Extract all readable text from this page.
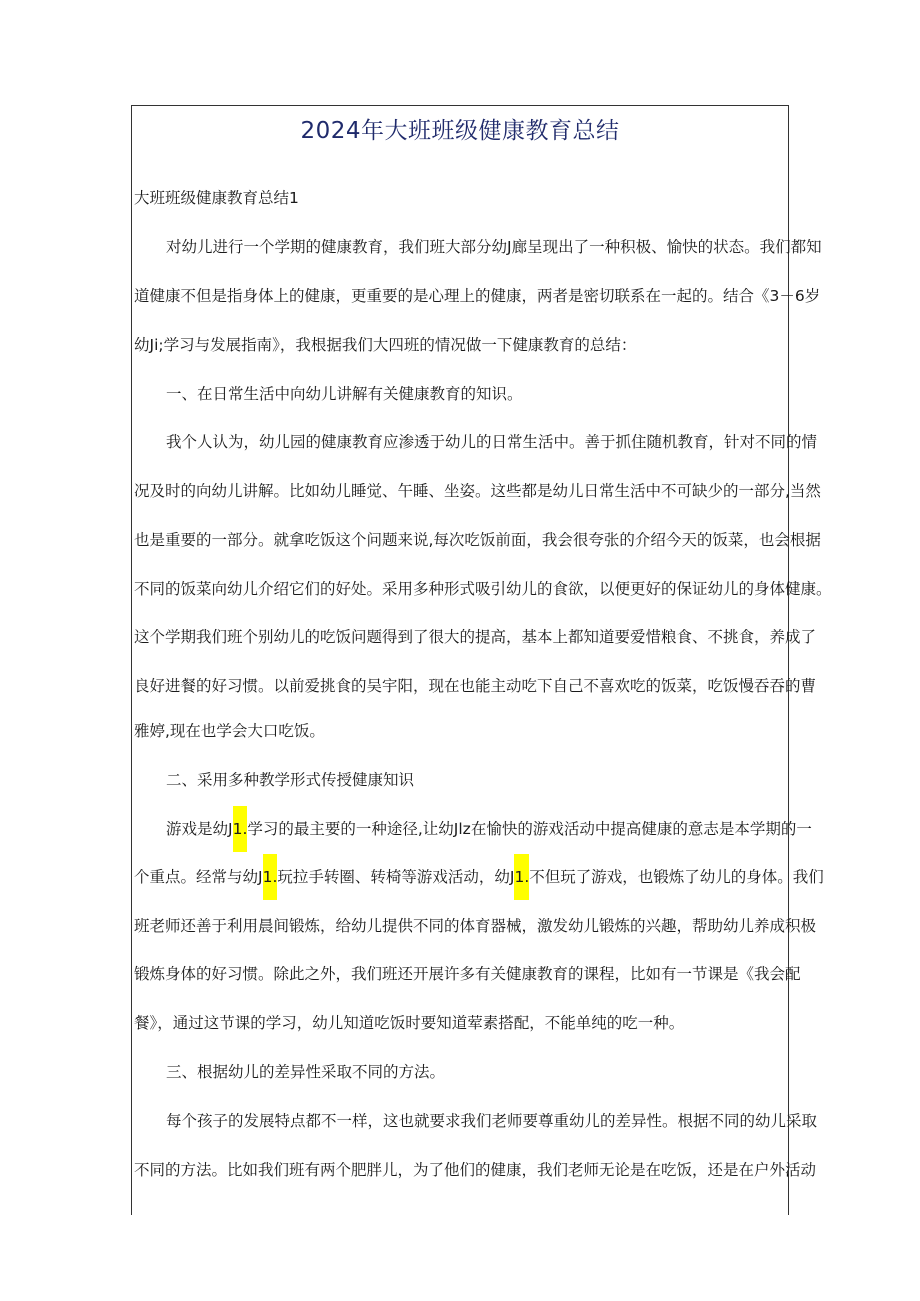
2024年大班班级健康教育总结
大班班级健康教育总结1
对幼儿进行一个学期的健康教育，我们班大部分幼J廊呈现出了一种积极、愉快的状态。我们都知
道健康不但是指身体上的健康，更重要的是心理上的健康，两者是密切联系在一起的。结合《3－6岁
幼Ji;学习与发展指南》，我根据我们大四班的情况做一下健康教育的总结：
一、在日常生活中向幼儿讲解有关健康教育的知识。
我个人认为，幼儿园的健康教育应渗透于幼儿的日常生活中。善于抓住随机教育，针对不同的情
况及时的向幼儿讲解。比如幼儿睡觉、午睡、坐姿。这些都是幼儿日常生活中不可缺少的一部分,当然
也是重要的一部分。就拿吃饭这个问题来说,每次吃饭前面，我会很夸张的介绍今天的饭菜，也会根据
不同的饭菜向幼儿介绍它们的好处。采用多种形式吸引幼儿的食欲，以便更好的保证幼儿的身体健康。
这个学期我们班个别幼儿的吃饭问题得到了很大的提高，基本上都知道要爱惜粮食、不挑食，养成了
良好进餐的好习惯。以前爱挑食的吴宇阳，现在也能主动吃下自己不喜欢吃的饭菜，吃饭慢吞吞的曹
雅婷,现在也学会大口吃饭。
二、采用多种教学形式传授健康知识
游戏是幼J1.学习的最主要的一种途径,让幼Jlz在愉快的游戏活动中提高健康的意志是本学期的一
个重点。经常与幼J1.玩拉手转圈、转椅等游戏活动，幼J1.不但玩了游戏，也锻炼了幼儿的身体。我们
班老师还善于利用晨间锻炼，给幼儿提供不同的体育器械，激发幼儿锻炼的兴趣，帮助幼儿养成积极
锻炼身体的好习惯。除此之外，我们班还开展许多有关健康教育的课程，比如有一节课是《我会配
餐》，通过这节课的学习，幼儿知道吃饭时要知道荤素搭配，不能单纯的吃一种。
三、根据幼儿的差异性采取不同的方法。
每个孩子的发展特点都不一样，这也就要求我们老师要尊重幼儿的差异性。根据不同的幼儿采取
不同的方法。比如我们班有两个肥胖儿，为了他们的健康，我们老师无论是在吃饭，还是在户外活动
